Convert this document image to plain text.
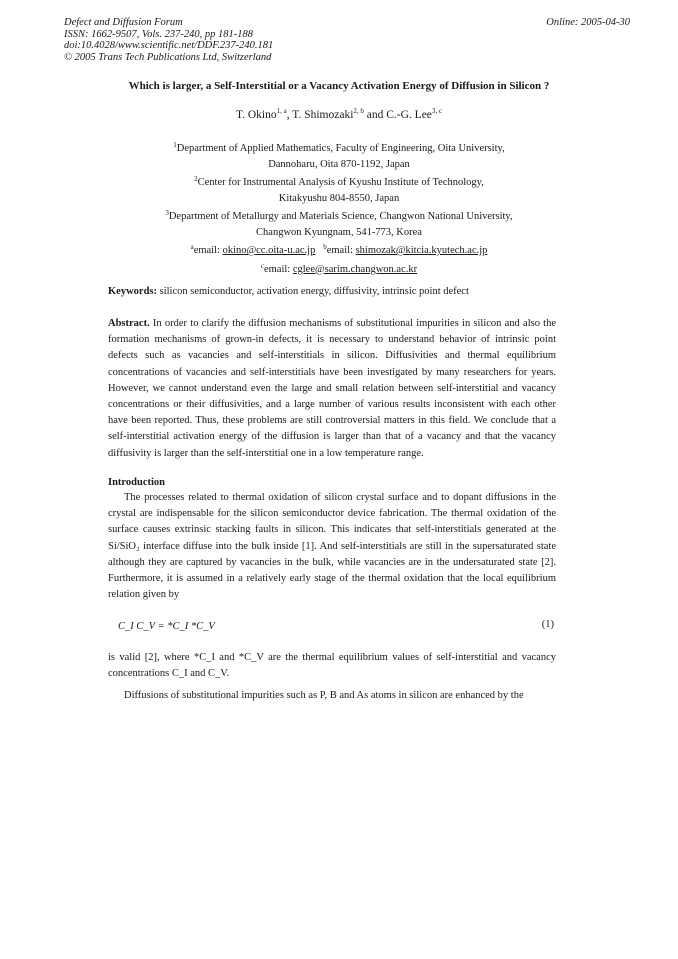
Defect and Diffusion Forum
ISSN: 1662-9507, Vols. 237-240, pp 181-188
doi:10.4028/www.scientific.net/DDF.237-240.181
© 2005 Trans Tech Publications Ltd, Switzerland
Online: 2005-04-30
Which is larger, a Self-Interstitial or a Vacancy Activation Energy of Diffusion in Silicon ?
T. Okino$^{1, a}$, T. Shimozaki$^{2, b}$ and C.-G. Lee$^{3, c}$
$^1$Department of Applied Mathematics, Faculty of Engineering, Oita University,
Dannoharu, Oita 870-1192, Japan
$^2$Center for Instrumental Analysis of Kyushu Institute of Technology,
Kitakyushu 804-8550, Japan
$^3$Department of Metallurgy and Materials Science, Changwon National University,
Changwon Kyungnam, 541-773, Korea
$^a$email: okino@cc.oita-u.ac.jp $^b$email: shimozak@kitcia.kyutech.ac.jp
$^c$email: cglee@sarim.changwon.ac.kr
Keywords: silicon semiconductor, activation energy, diffusivity, intrinsic point defect
Abstract. In order to clarify the diffusion mechanisms of substitutional impurities in silicon and also the formation mechanisms of grown-in defects, it is necessary to understand behavior of intrinsic point defects such as vacancies and self-interstitials in silicon. Diffusivities and thermal equilibrium concentrations of vacancies and self-interstitials have been investigated by many researchers for years. However, we cannot understand even the large and small relation between self-interstitial and vacancy concentrations or their diffusivities, and a large number of various results inconsistent with each other have been reported. Thus, these problems are still controversial matters in this field. We conclude that a self-interstitial activation energy of the diffusion is larger than that of a vacancy and that the vacancy diffusivity is larger than the self-interstitial one in a low temperature range.
Introduction
The processes related to thermal oxidation of silicon crystal surface and to dopant diffusions in the crystal are indispensable for the silicon semiconductor device fabrication. The thermal oxidation of the surface causes extrinsic stacking faults in silicon. This indicates that self-interstitials generated at the Si/SiO₂ interface diffuse into the bulk inside [1]. And self-interstitials are still in the supersaturated state although they are captured by vacancies in the bulk, while vacancies are in the undersaturated state [2]. Furthermore, it is assumed in a relatively early stage of the thermal oxidation that the local equilibrium relation given by
C_I C_V = *C_I *C_V	(1)
is valid [2], where *C_I and *C_V are the thermal equilibrium values of self-interstitial and vacancy concentrations C_I and C_V.
Diffusions of substitutional impurities such as P, B and As atoms in silicon are enhanced by the
